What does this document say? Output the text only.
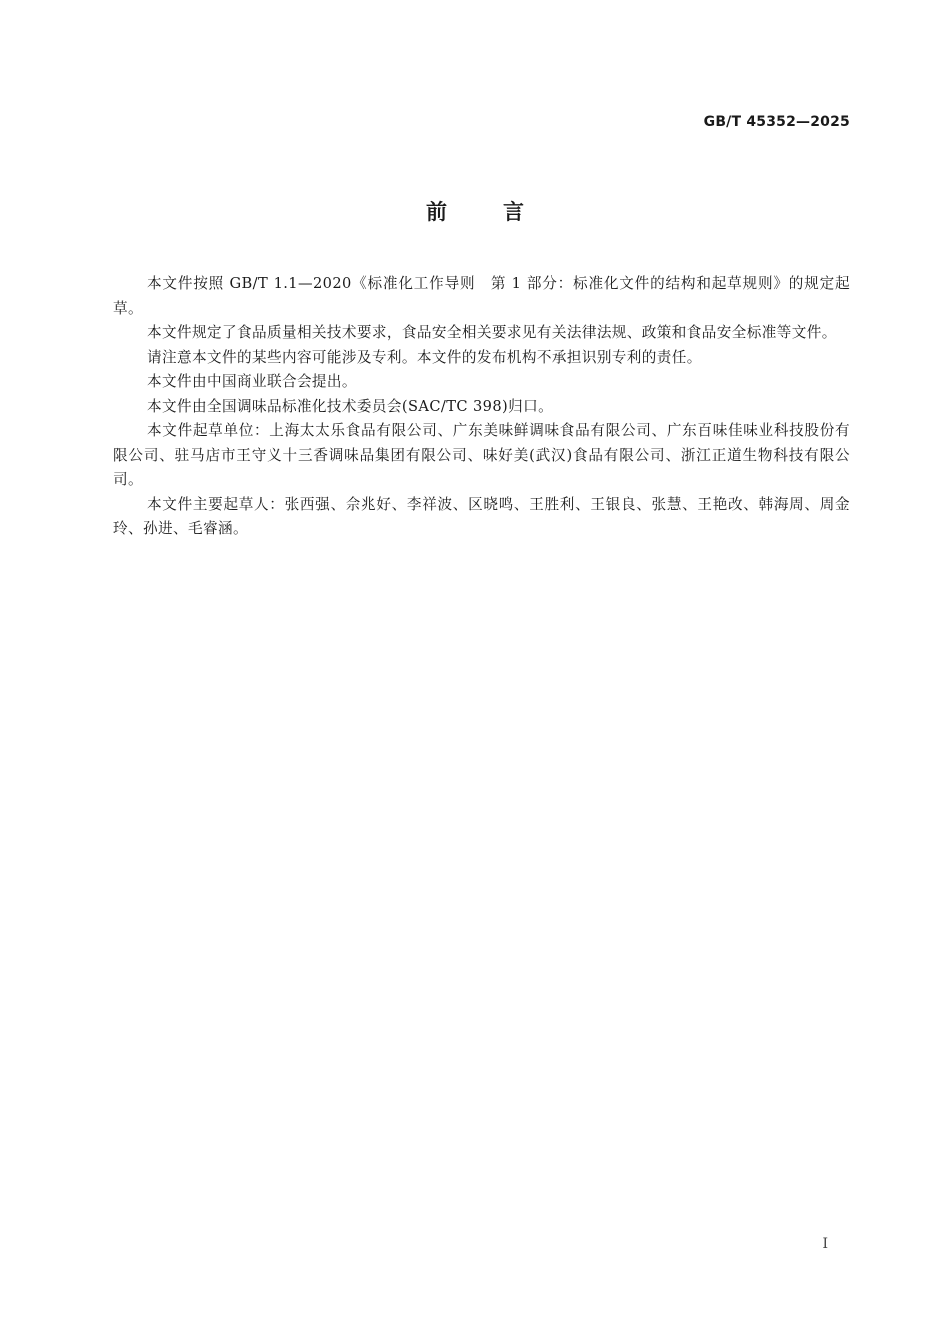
GB/T 45352—2025
前言

本文件按照 GB/T 1.1—2020《标准化工作导则　第 1 部分：标准化文件的结构和起草规则》的规定起草。

本文件规定了食品质量相关技术要求，食品安全相关要求见有关法律法规、政策和食品安全标准等文件。

请注意本文件的某些内容可能涉及专利。本文件的发布机构不承担识别专利的责任。

本文件由中国商业联合会提出。

本文件由全国调味品标准化技术委员会(SAC/TC 398)归口。

本文件起草单位：上海太太乐食品有限公司、广东美味鲜调味食品有限公司、广东百味佳味业科技股份有限公司、驻马店市王守义十三香调味品集团有限公司、味好美(武汉)食品有限公司、浙江正道生物科技有限公司。

本文件主要起草人：张西强、佘兆好、李祥波、区晓鸣、王胜利、王银良、张慧、王艳改、韩海周、周金玲、孙进、毛睿涵。

I
